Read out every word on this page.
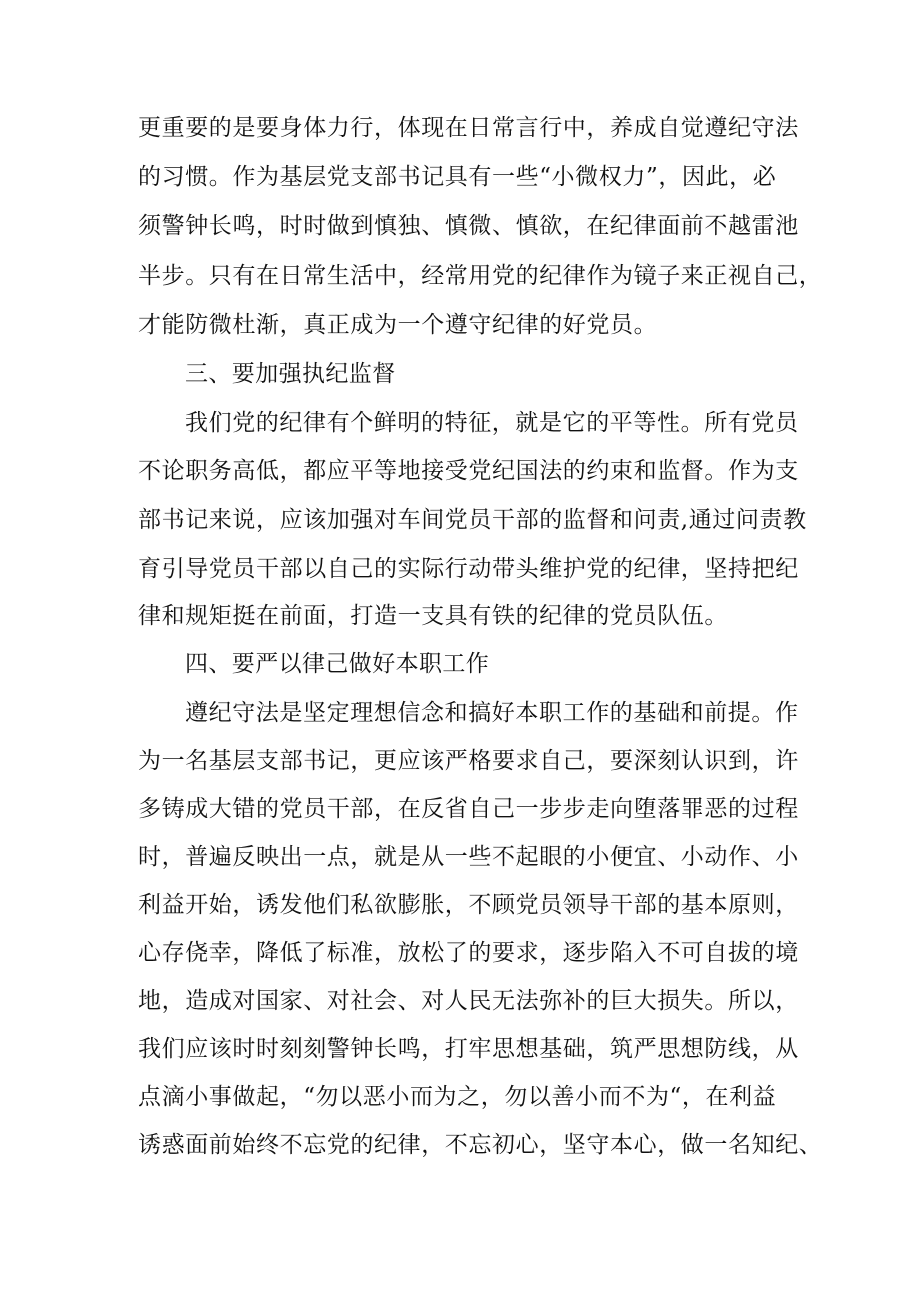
更重要的是要身体力行，体现在日常言行中，养成自觉遵纪守法
的习惯。作为基层党支部书记具有一些“小微权力”，因此，必
须警钟长鸣，时时做到慎独、慎微、慎欲，在纪律面前不越雷池
半步。只有在日常生活中，经常用党的纪律作为镜子来正视自己，
才能防微杜渐，真正成为一个遵守纪律的好党员。
三、要加强执纪监督
我们党的纪律有个鲜明的特征，就是它的平等性。所有党员
不论职务高低，都应平等地接受党纪国法的约束和监督。作为支
部书记来说，应该加强对车间党员干部的监督和问责,通过问责教
育引导党员干部以自己的实际行动带头维护党的纪律，坚持把纪
律和规矩挺在前面，打造一支具有铁的纪律的党员队伍。
四、要严以律己做好本职工作
遵纪守法是坚定理想信念和搞好本职工作的基础和前提。作
为一名基层支部书记，更应该严格要求自己，要深刻认识到，许
多铸成大错的党员干部，在反省自己一步步走向堕落罪恶的过程
时，普遍反映出一点，就是从一些不起眼的小便宜、小动作、小
利益开始，诱发他们私欲膨胀，不顾党员领导干部的基本原则，
心存侥幸，降低了标准，放松了的要求，逐步陷入不可自拔的境
地，造成对国家、对社会、对人民无法弥补的巨大损失。所以，
我们应该时时刻刻警钟长鸣，打牢思想基础，筑严思想防线，从
点滴小事做起，“勿以恶小而为之，勿以善小而不为“，在利益
诱惑面前始终不忘党的纪律，不忘初心，坚守本心，做一名知纪、
